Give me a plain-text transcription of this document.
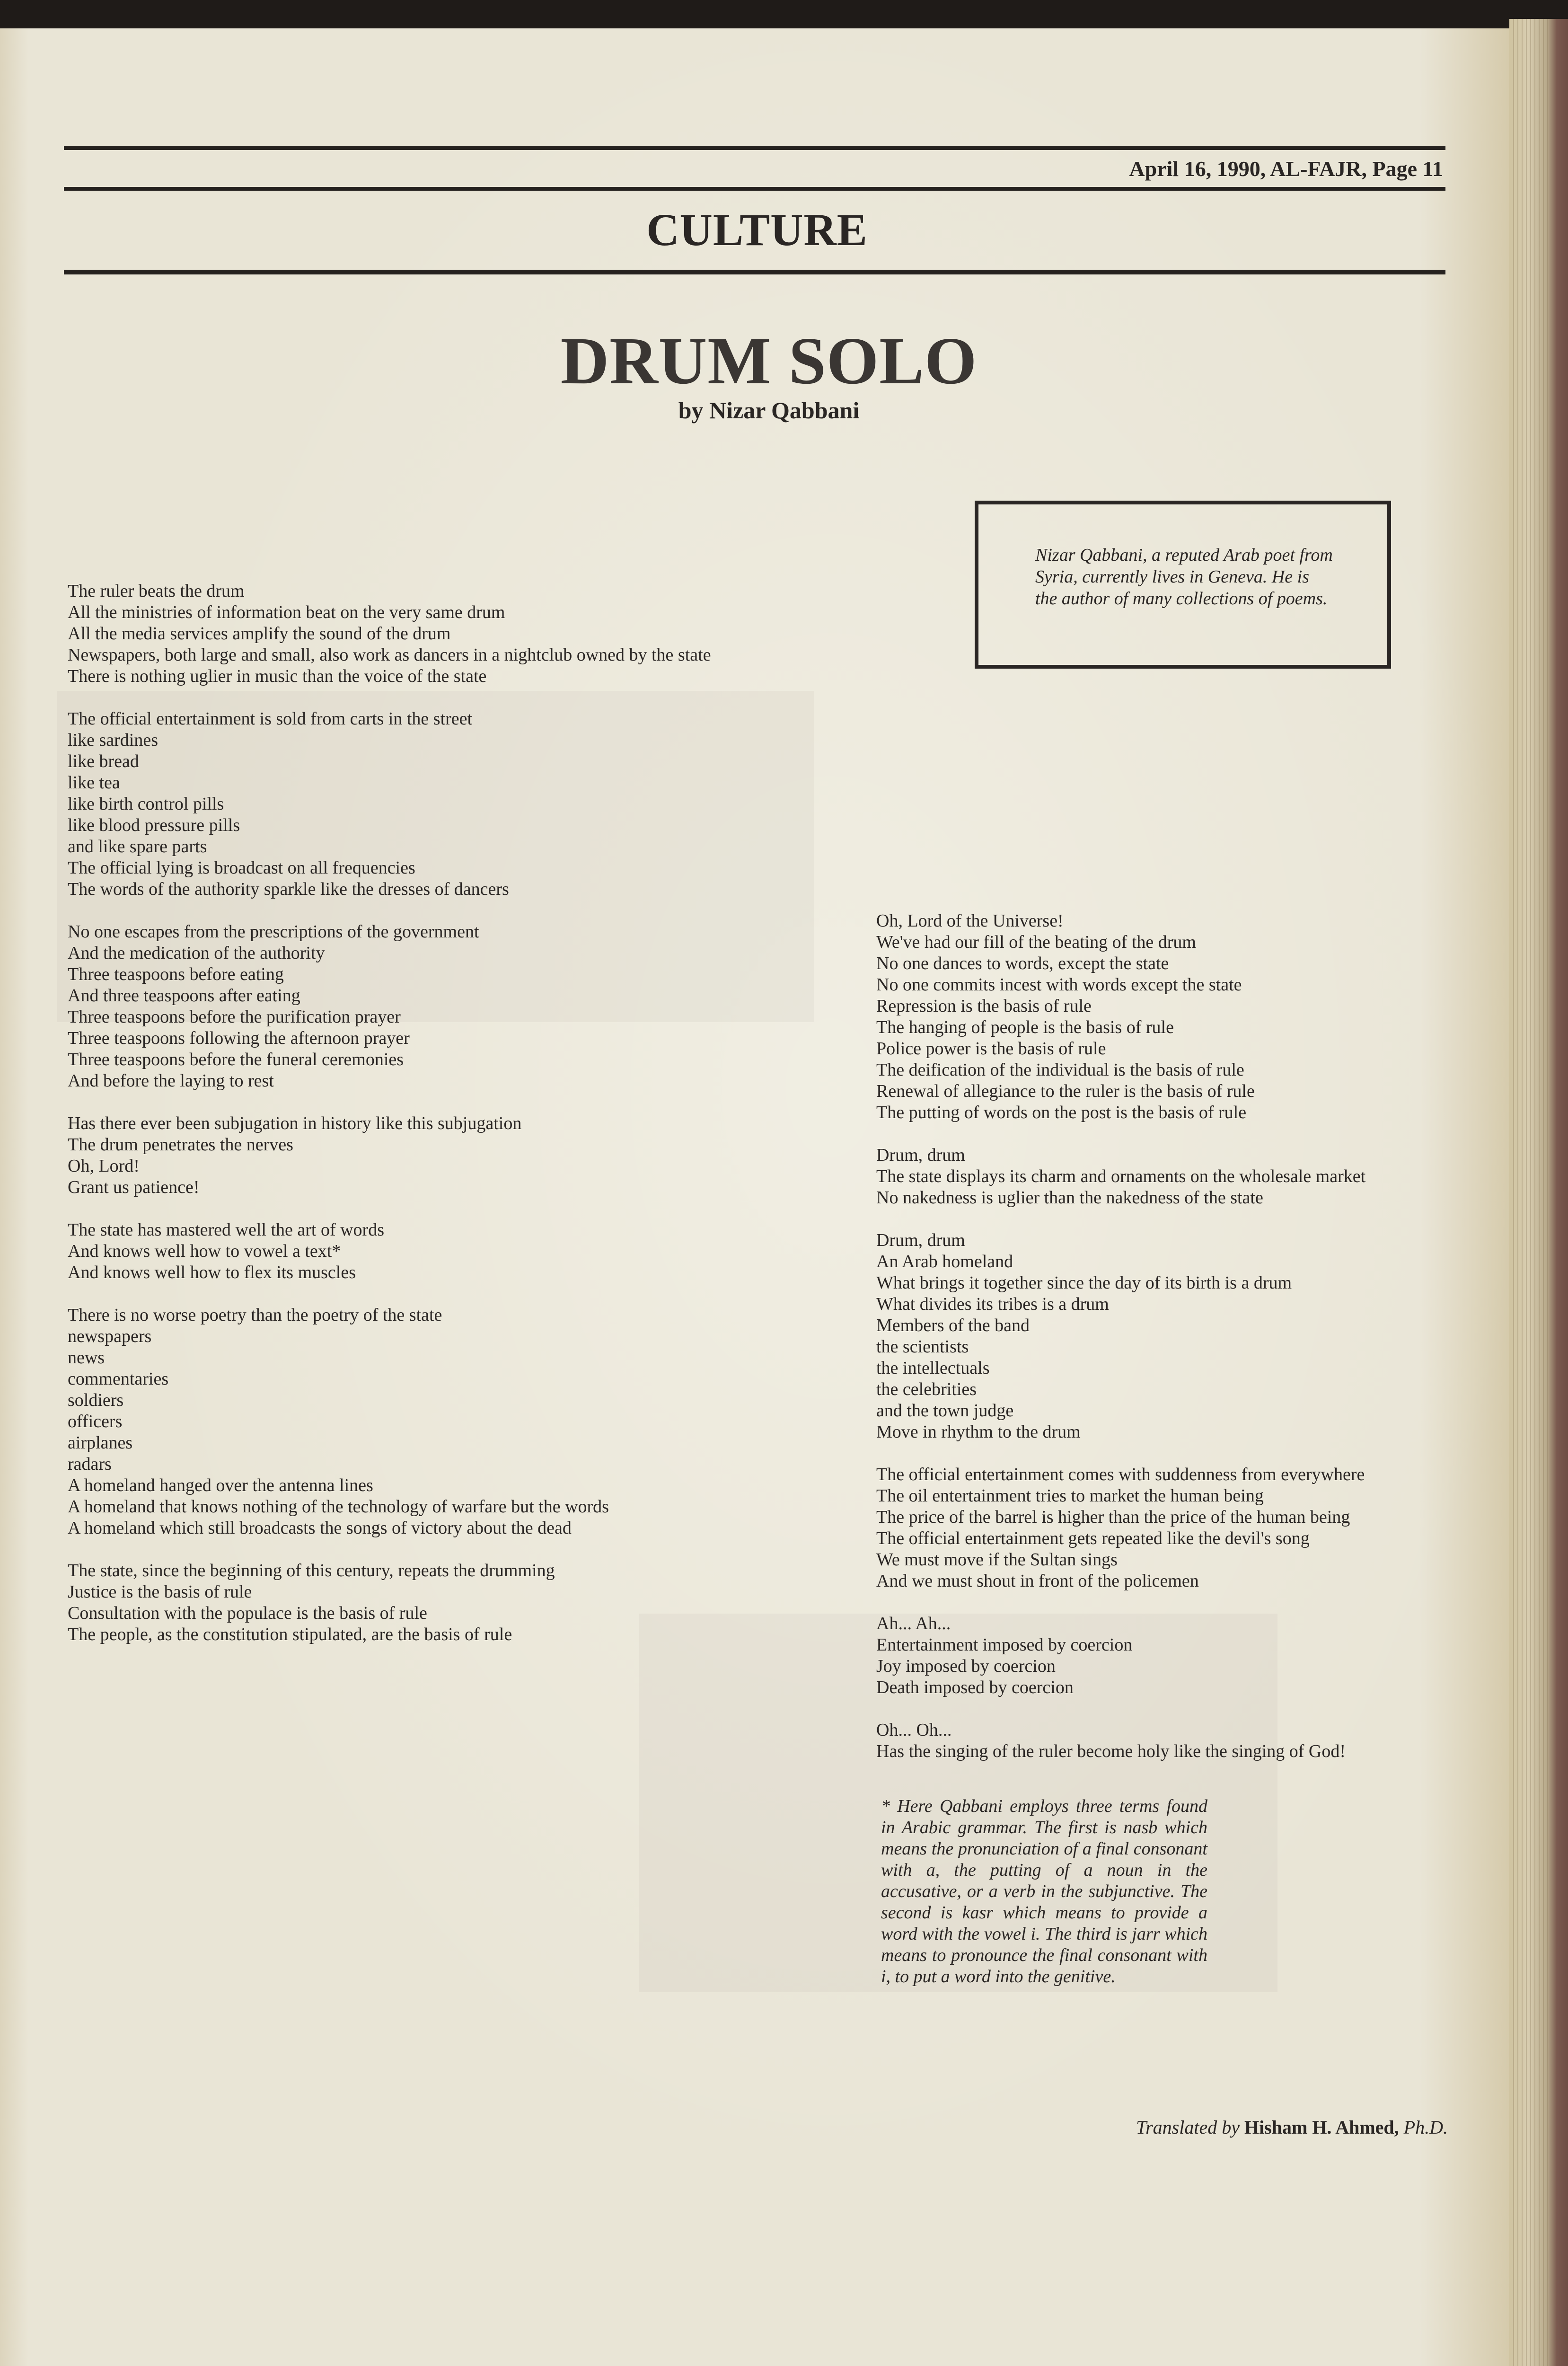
April 16, 1990, AL-FAJR, Page 11
CULTURE
DRUM SOLO
by Nizar Qabbani
Nizar Qabbani, a reputed Arab poet from Syria, currently lives in Geneva. He is the author of many collections of poems.
The ruler beats the drum
All the ministries of information beat on the very same drum
All the media services amplify the sound of the drum
Newspapers, both large and small, also work as dancers in a nightclub owned by the state
There is nothing uglier in music than the voice of the state
The official entertainment is sold from carts in the street
like sardines
like bread
like tea
like birth control pills
like blood pressure pills
and like spare parts
The official lying is broadcast on all frequencies
The words of the authority sparkle like the dresses of dancers
No one escapes from the prescriptions of the government
And the medication of the authority
Three teaspoons before eating
And three teaspoons after eating
Three teaspoons before the purification prayer
Three teaspoons following the afternoon prayer
Three teaspoons before the funeral ceremonies
And before the laying to rest
Has there ever been subjugation in history like this subjugation
The drum penetrates the nerves
Oh, Lord!
Grant us patience!
The state has mastered well the art of words
And knows well how to vowel a text*
And knows well how to flex its muscles
There is no worse poetry than the poetry of the state
newspapers
news
commentaries
soldiers
officers
airplanes
radars
A homeland hanged over the antenna lines
A homeland that knows nothing of the technology of warfare but the words
A homeland which still broadcasts the songs of victory about the dead
The state, since the beginning of this century, repeats the drumming
Justice is the basis of rule
Consultation with the populace is the basis of rule
The people, as the constitution stipulated, are the basis of rule
Oh, Lord of the Universe!
We've had our fill of the beating of the drum
No one dances to words, except the state
No one commits incest with words except the state
Repression is the basis of rule
The hanging of people is the basis of rule
Police power is the basis of rule
The deification of the individual is the basis of rule
Renewal of allegiance to the ruler is the basis of rule
The putting of words on the post is the basis of rule
Drum, drum
The state displays its charm and ornaments on the wholesale market
No nakedness is uglier than the nakedness of the state
Drum, drum
An Arab homeland
What brings it together since the day of its birth is a drum
What divides its tribes is a drum
Members of the band
the scientists
the intellectuals
the celebrities
and the town judge
Move in rhythm to the drum
The official entertainment comes with suddenness from everywhere
The oil entertainment tries to market the human being
The price of the barrel is higher than the price of the human being
The official entertainment gets repeated like the devil's song
We must move if the Sultan sings
And we must shout in front of the policemen
Ah... Ah...
Entertainment imposed by coercion
Joy imposed by coercion
Death imposed by coercion
Oh... Oh...
Has the singing of the ruler become holy like the singing of God!
* Here Qabbani employs three terms found in Arabic grammar. The first is nasb which means the pronunciation of a final consonant with a, the putting of a noun in the accusative, or a verb in the subjunctive. The second is kasr which means to provide a word with the vowel i. The third is jarr which means to pronounce the final consonant with i, to put a word into the genitive.
Translated by Hisham H. Ahmed, Ph.D.
